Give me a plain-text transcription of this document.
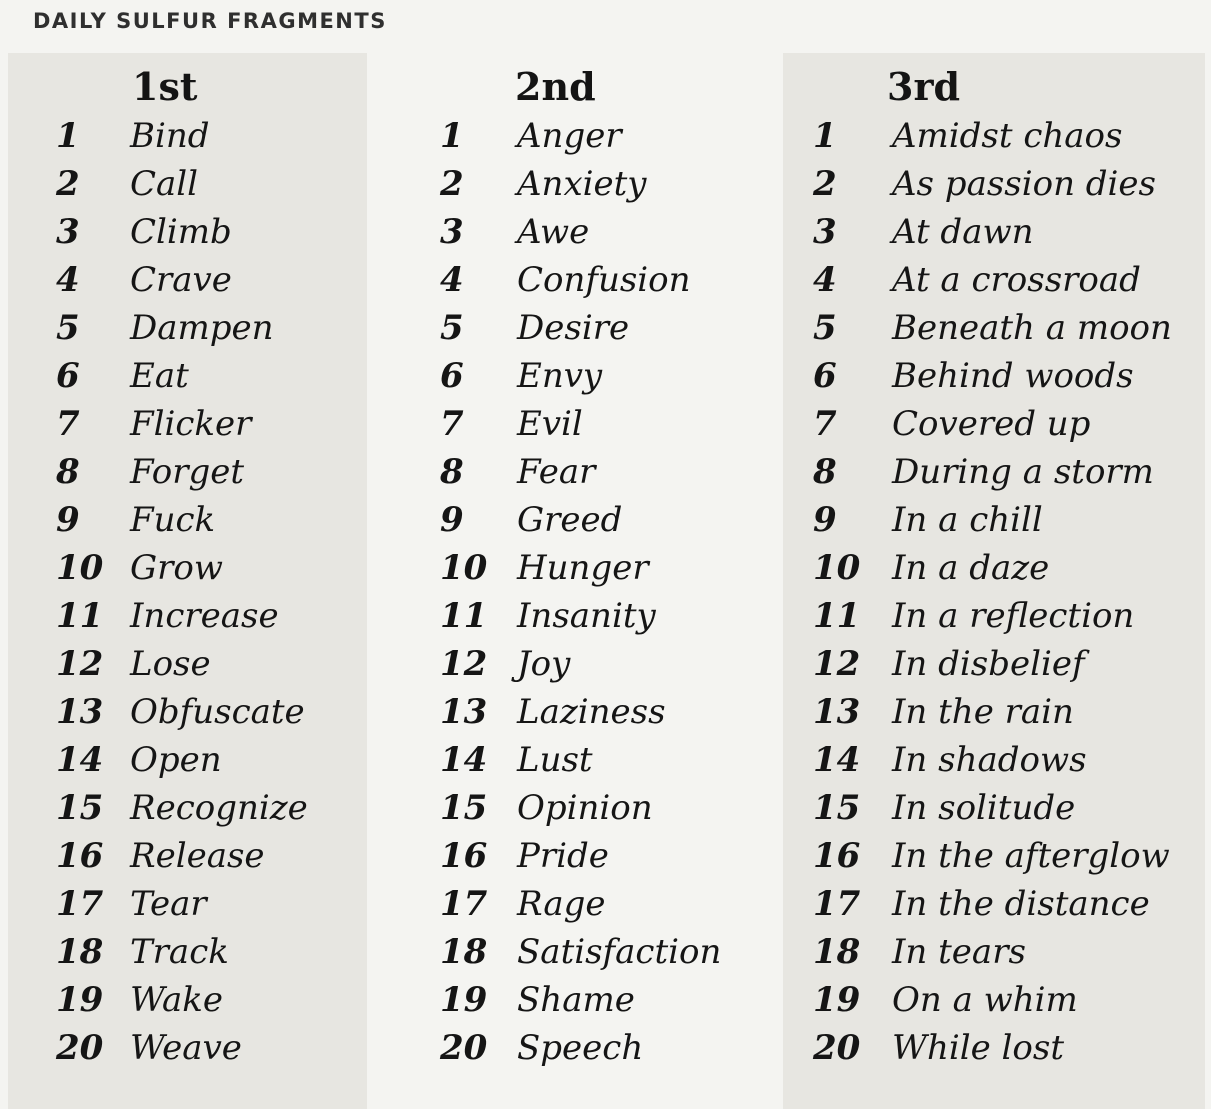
DAILY SULFUR FRAGMENTS
1st
1 Bind
2 Call
3 Climb
4 Crave
5 Dampen
6 Eat
7 Flicker
8 Forget
9 Fuck
10 Grow
11 Increase
12 Lose
13 Obfuscate
14 Open
15 Recognize
16 Release
17 Tear
18 Track
19 Wake
20 Weave
2nd
1 Anger
2 Anxiety
3 Awe
4 Confusion
5 Desire
6 Envy
7 Evil
8 Fear
9 Greed
10 Hunger
11 Insanity
12 Joy
13 Laziness
14 Lust
15 Opinion
16 Pride
17 Rage
18 Satisfaction
19 Shame
20 Speech
3rd
1 Amidst chaos
2 As passion dies
3 At dawn
4 At a crossroad
5 Beneath a moon
6 Behind woods
7 Covered up
8 During a storm
9 In a chill
10 In a daze
11 In a reflection
12 In disbelief
13 In the rain
14 In shadows
15 In solitude
16 In the afterglow
17 In the distance
18 In tears
19 On a whim
20 While lost
